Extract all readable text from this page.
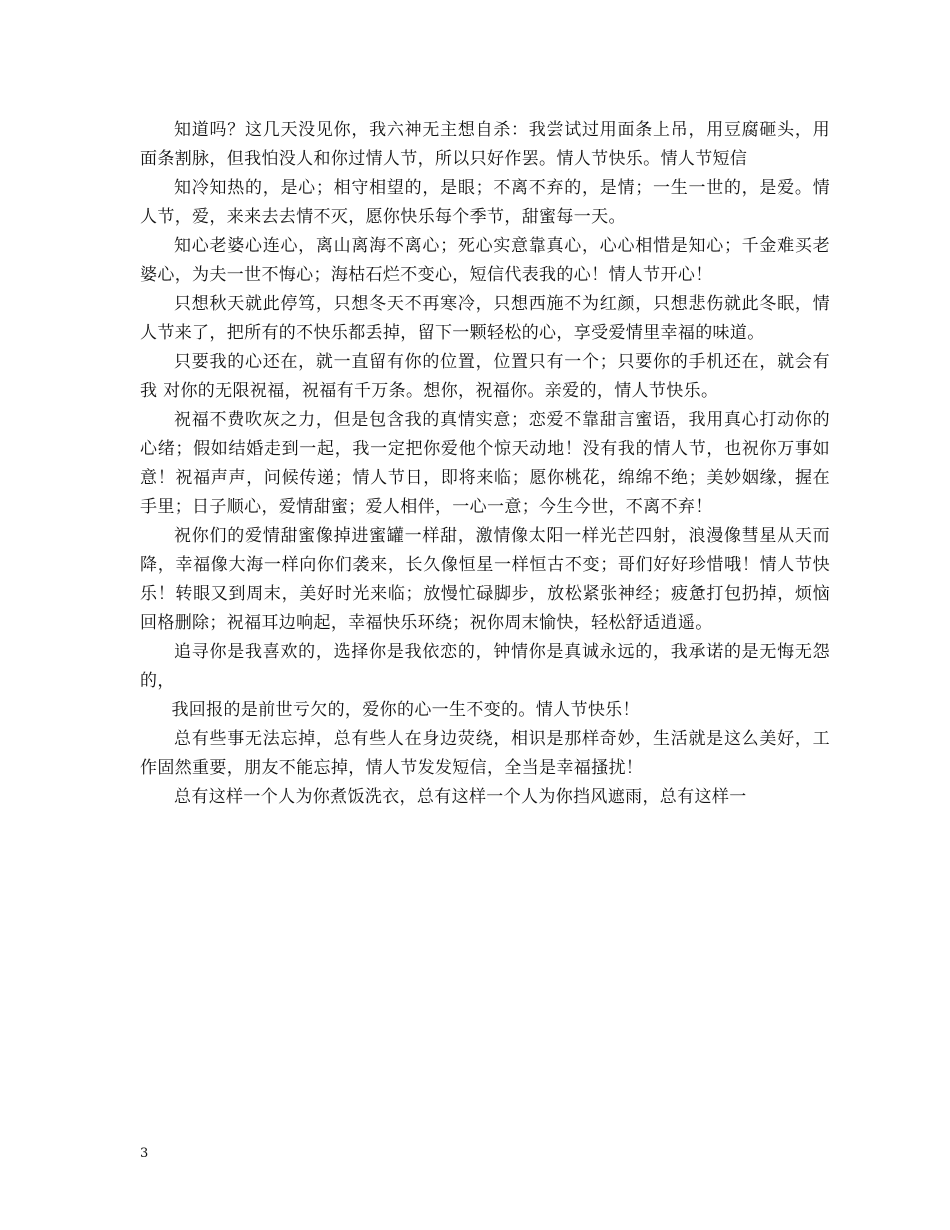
知道吗？这几天没见你，我六神无主想自杀：我尝试过用面条上吊，用豆腐砸头，用面条割脉，但我怕没人和你过情人节，所以只好作罢。情人节快乐。情人节短信

知冷知热的，是心；相守相望的，是眼；不离不弃的，是情；一生一世的，是爱。情人节，爱，来来去去情不灭，愿你快乐每个季节，甜蜜每一天。

知心老婆心连心，离山离海不离心；死心实意靠真心，心心相惜是知心；千金难买老婆心，为夫一世不悔心；海枯石烂不变心，短信代表我的心！情人节开心！

只想秋天就此停笃，只想冬天不再寒冷，只想西施不为红颜，只想悲伤就此冬眠，情人节来了，把所有的不快乐都丢掉，留下一颗轻松的心，享受爱情里幸福的味道。

只要我的心还在，就一直留有你的位置，位置只有一个；只要你的手机还在，就会有我 对你的无限祝福，祝福有千万条。想你，祝福你。亲爱的，情人节快乐。

祝福不费吹灰之力，但是包含我的真情实意；恋爱不靠甜言蜜语，我用真心打动你的心绪；假如结婚走到一起，我一定把你爱他个惊天动地！没有我的情人节，也祝你万事如意！祝福声声，问候传递；情人节日，即将来临；愿你桃花，绵绵不绝；美妙姻缘，握在手里；日子顺心，爱情甜蜜；爱人相伴，一心一意；今生今世，不离不弃！

祝你们的爱情甜蜜像掉进蜜罐一样甜，激情像太阳一样光芒四射，浪漫像彗星从天而降，幸福像大海一样向你们袭来，长久像恒星一样恒古不变；哥们好好珍惜哦！情人节快乐！转眼又到周末，美好时光来临；放慢忙碌脚步，放松紧张神经；疲惫打包扔掉，烦恼回格删除；祝福耳边响起，幸福快乐环绕；祝你周末愉快，轻松舒适逍遥。

追寻你是我喜欢的，选择你是我依恋的，钟情你是真诚永远的，我承诺的是无悔无怨的，

我回报的是前世亏欠的，爱你的心一生不变的。情人节快乐！

总有些事无法忘掉，总有些人在身边荧绕，相识是那样奇妙，生活就是这么美好，工作固然重要，朋友不能忘掉，情人节发发短信，全当是幸福搔扰！

总有这样一个人为你煮饭洗衣，总有这样一个人为你挡风遮雨，总有这样一

3
